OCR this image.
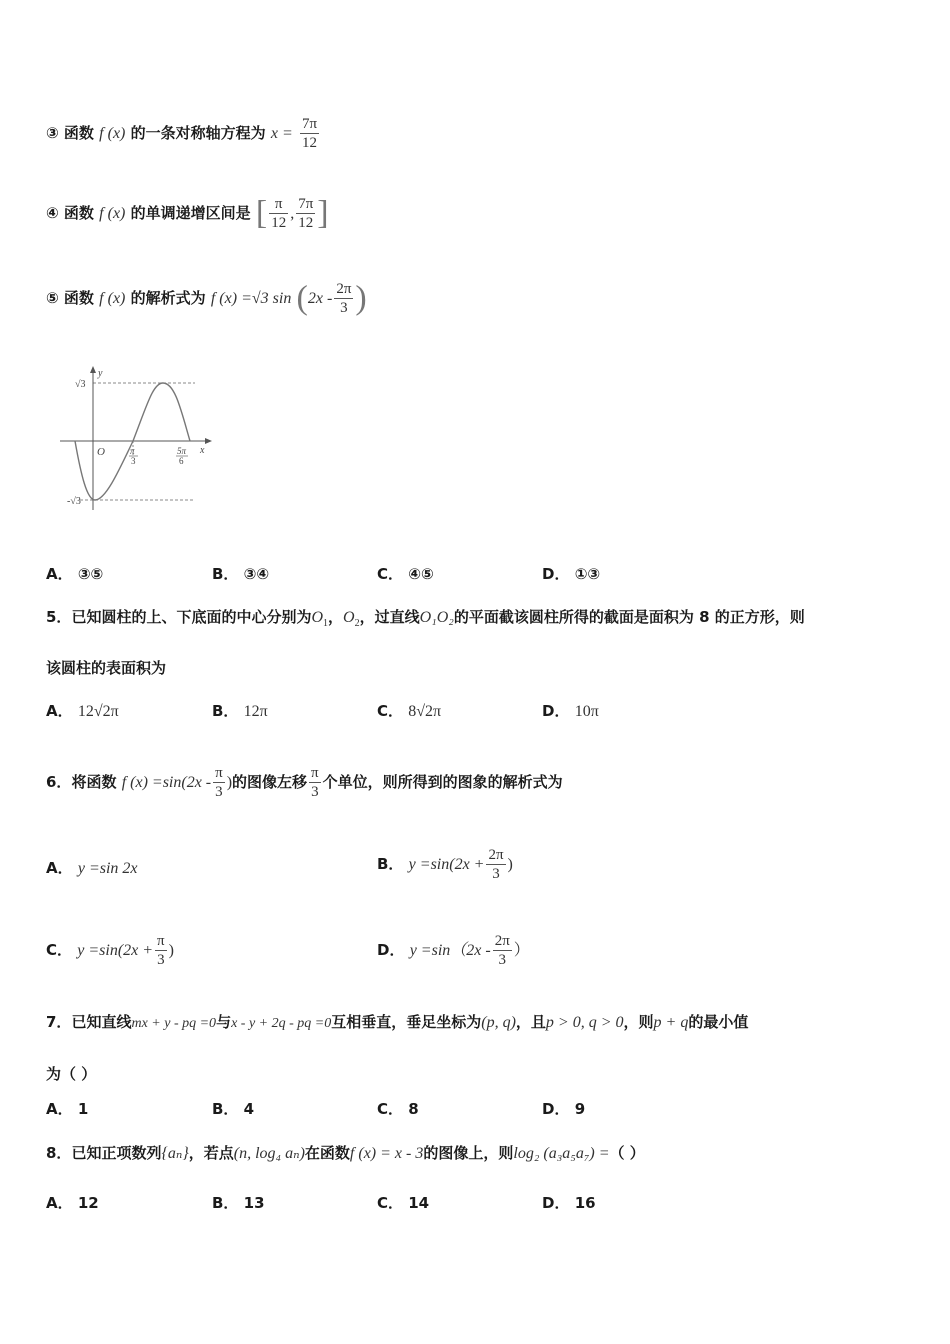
③ 函数 f (x) 的一条对称轴方程为 $x = \frac{7\pi}{12}$
④ 函数 f (x) 的单调递增区间是 [ $\frac{\pi}{12}$ , $\frac{7\pi}{12}$ ]
⑤ 函数 f (x) 的解析式为 f (x) =√3 $\sin (2x - \frac{2\pi}{3}$ )
y
x
O
√3
-√3
π
3
5π
6
A． ③⑤	B． ③④	C． ④⑤	D． ①③
5．已知圆柱的上、下底面的中心分别为$O_1$，$O_2$，过直线O₁O₂的平面截该圆柱所得的截面是面积为 8 的正方形，则
该圆柱的表面积为
A． 12√2π	B． 12π	C． 8√2π	D． 10π
6．将函数 f $(x) =\sin(2x - \frac{\pi}{3}$ )的图像左移 $\frac{\pi}{3}$ 个单位，则所得到的图象的解析式为
A． y =sin 2x	B． $y =\sin(2x + \frac{2\pi}{3}$ )
C． $y =\sin(2x + \frac{\pi}{3}$ )	D． $y =\sin(2x - \frac{2\pi}{3}$ ）
7．已知直线mx + y - pq =0与x - y + 2q - pq =0互相垂直，垂足坐标为(p, q)，且p > 0, q > 0，则p + q的最小值
为（ ）
A． 1	B． 4	C． 8	D． 9
8．已知正项数列{aₙ}，若点(n, log₄ aₙ)在函数f (x) = x - 3的图像上，则log₂ (a₃a₅a₇) =（ ）
A． 12	B． 13	C． 14	D． 16
